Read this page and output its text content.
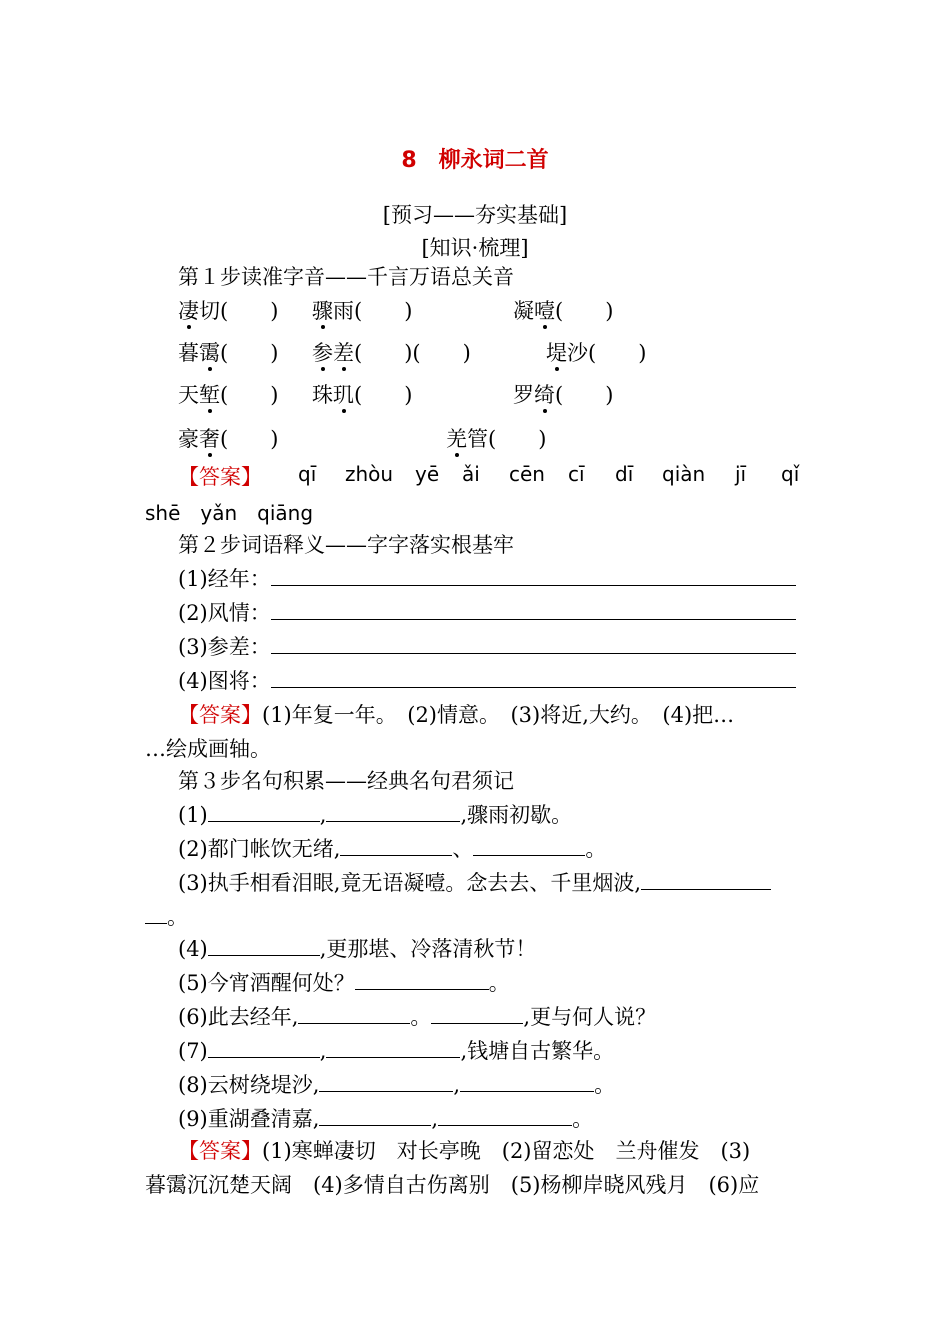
8　柳永词二首
[预习——夯实基础]
[知识·梳理]
第１步读准字音——千言万语总关音
凄切(　　) 骤雨(　　)	凝噎(　　)
暮霭(　　) 参差(　　)(　　)	堤沙(　　)
天堑(　　) 珠玑(　　)	罗绮(　　)
豪奢(　　)	羌管(　　)
【答案】 qī zhòu yē ǎi cēn cī dī qiàn jī qǐ
shē　yǎn　qiāng
第２步词语释义——字字落实根基牢
(1)经年：
(2)风情：
(3)参差：
(4)图将：
【答案】(1)年复一年。　(2)情意。　(3)将近,大约。　(4)把…
…绘成画轴。
第３步名句积累——经典名句君须记
(1)	,	,骤雨初歇。
(2)都门帐饮无绪,	、	。
(3)执手相看泪眼,竟无语凝噎。念去去、千里烟波,
。
(4)	,更那堪、冷落清秋节！
(5)今宵酒醒何处？	。
(6)此去经年,	。	,更与何人说？
(7)	,	,钱塘自古繁华。
(8)云树绕堤沙,	,	。
(9)重湖叠清嘉,	,	。
【答案】(1)寒蝉凄切　对长亭晚　(2)留恋处　兰舟催发　(3)
暮霭沉沉楚天阔　(4)多情自古伤离别　(5)杨柳岸晓风残月　(6)应
